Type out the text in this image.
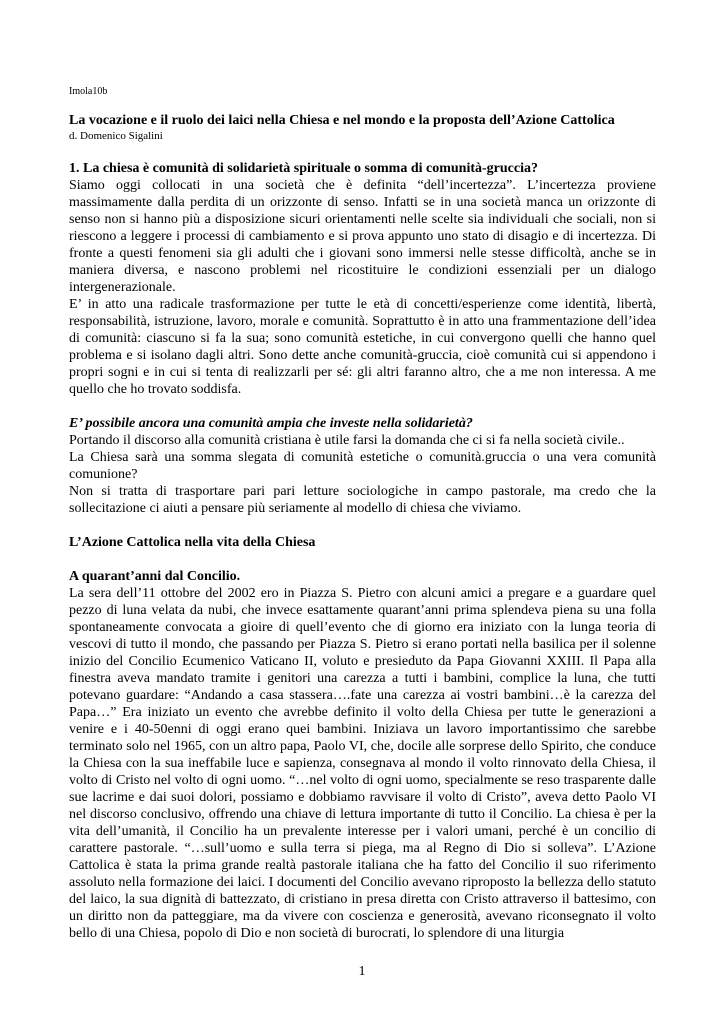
Imola10b
La vocazione e il ruolo dei laici nella Chiesa e nel mondo e la proposta dell’Azione Cattolica
d. Domenico Sigalini
1. La chiesa è comunità di solidarietà spirituale o somma di comunità-gruccia?

Siamo oggi collocati in una società che è definita “dell’incertezza”. L’incertezza proviene massimamente dalla perdita di un orizzonte di senso. Infatti se in una società manca un orizzonte di senso non si hanno più a disposizione sicuri orientamenti nelle scelte sia individuali che sociali, non si riescono a leggere i processi di cambiamento e si prova appunto uno stato di disagio e di incertezza. Di fronte a questi fenomeni sia gli adulti che i giovani sono immersi nelle stesse difficoltà, anche se in maniera diversa, e nascono problemi nel ricostituire le condizioni essenziali per un dialogo intergenerazionale.

E’ in atto una radicale trasformazione per tutte le età di concetti/esperienze come identità, libertà, responsabilità, istruzione, lavoro, morale e comunità. Soprattutto è in atto una frammentazione dell’idea di comunità: ciascuno si fa la sua; sono comunità estetiche, in cui convergono quelli che hanno quel problema e si isolano dagli altri. Sono dette anche comunità-gruccia, cioè comunità cui si appendono i propri sogni e in cui si tenta di realizzarli per sé: gli altri faranno altro, che a me non interessa. A me quello che ho trovato soddisfa.

E’ possibile ancora una comunità ampia che investe nella solidarietà?

Portando il discorso alla comunità cristiana è utile farsi la domanda che ci si fa nella società civile..

La Chiesa sarà una somma slegata di comunità estetiche o comunità.gruccia o una vera comunità comunione?

Non si tratta di trasportare pari pari letture sociologiche in campo pastorale, ma credo che la sollecitazione ci aiuti a pensare più seriamente al modello di chiesa che viviamo.

L’Azione Cattolica nella vita della Chiesa
A quarant’anni dal Concilio.

La sera dell’11 ottobre del 2002 ero in Piazza S. Pietro con alcuni amici a pregare e a guardare quel pezzo di luna velata da nubi, che invece esattamente quarant’anni prima splendeva piena su una folla spontaneamente convocata a gioire di quell’evento che di giorno era iniziato con la lunga teoria di vescovi di tutto il mondo, che passando per Piazza S. Pietro si erano portati nella basilica per il solenne inizio del Concilio Ecumenico Vaticano II, voluto e presieduto da Papa Giovanni XXIII. Il Papa alla finestra aveva mandato tramite i genitori una carezza a tutti i bambini, complice la luna, che tutti potevano guardare: “Andando a casa stassera….fate una carezza ai vostri bambini…è la carezza del Papa…” Era iniziato un evento che avrebbe definito il volto della Chiesa per tutte le generazioni a venire e i 40-50enni di oggi erano quei bambini. Iniziava un lavoro importantissimo che sarebbe terminato solo nel 1965, con un altro papa, Paolo VI, che, docile alle sorprese dello Spirito, che conduce la Chiesa con la sua ineffabile luce e sapienza, consegnava al mondo il volto rinnovato della Chiesa, il volto di Cristo nel volto di ogni uomo. “…nel volto di ogni uomo, specialmente se reso trasparente dalle sue lacrime e dai suoi dolori, possiamo e dobbiamo ravvisare il volto di Cristo”, aveva detto Paolo VI nel discorso conclusivo, offrendo una chiave di lettura importante di tutto il Concilio. La chiesa è per la vita dell’umanità, il Concilio ha un prevalente interesse per i valori umani, perché è un concilio di carattere pastorale. “…sull’uomo e sulla terra si piega, ma al Regno di Dio si solleva”. L’Azione Cattolica è stata la prima grande realtà pastorale italiana che ha fatto del Concilio il suo riferimento assoluto nella formazione dei laici. I documenti del Concilio avevano riproposto la bellezza dello statuto del laico, la sua dignità di battezzato, di cristiano in presa diretta con Cristo attraverso il battesimo, con un diritto non da patteggiare, ma da vivere con coscienza e generosità, avevano riconsegnato il volto bello di una Chiesa, popolo di Dio e non società di burocrati, lo splendore di una liturgia

1
